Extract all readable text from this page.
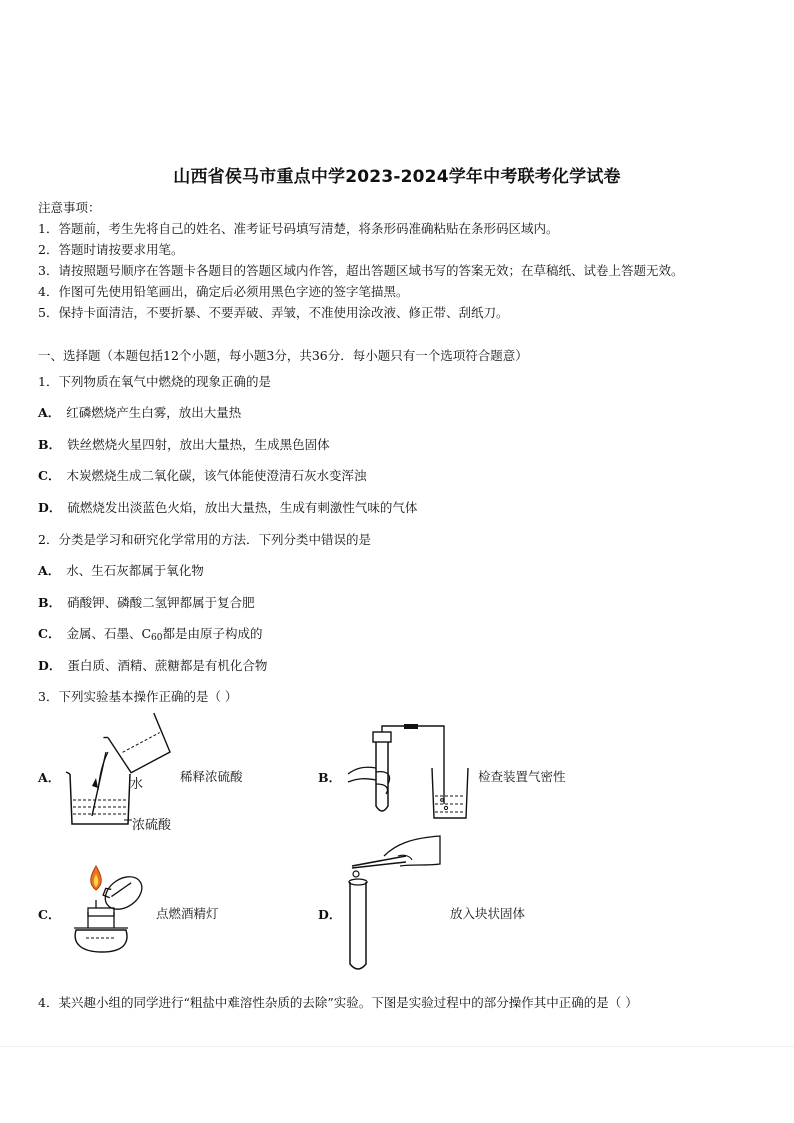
山西省侯马市重点中学2023-2024学年中考联考化学试卷
注意事项：
1．答题前，考生先将自己的姓名、准考证号码填写清楚，将条形码准确粘贴在条形码区域内。
2．答题时请按要求用笔。
3．请按照题号顺序在答题卡各题目的答题区域内作答，超出答题区域书写的答案无效；在草稿纸、试卷上答题无效。
4．作图可先使用铅笔画出，确定后必须用黑色字迹的签字笔描黑。
5．保持卡面清洁，不要折暴、不要弄破、弄皱，不准使用涂改液、修正带、刮纸刀。
一、选择题（本题包括12个小题，每小题3分，共36分．每小题只有一个选项符合题意）
1．下列物质在氧气中燃烧的现象正确的是
A． 红磷燃烧产生白雾，放出大量热
B． 铁丝燃烧火星四射，放出大量热，生成黑色固体
C． 木炭燃烧生成二氧化碳，该气体能使澄清石灰水变浑浊
D． 硫燃烧发出淡蓝色火焰，放出大量热，生成有刺激性气味的气体
2．分类是学习和研究化学常用的方法．下列分类中错误的是
A． 水、生石灰都属于氧化物
B． 硝酸钾、磷酸二氢钾都属于复合肥
C． 金属、石墨、$C_{60}$都是由原子构成的
D． 蛋白质、酒精、蔗糖都是有机化合物
3．下列实验基本操作正确的是（ ）
A．	水
浓硫酸
稀释浓硫酸	B．	检查装置气密性
C．	点燃酒精灯	D．	放入块状固体
4．某兴趣小组的同学进行“粗盐中难溶性杂质的去除”实验。下图是实验过程中的部分操作其中正确的是（ ）
